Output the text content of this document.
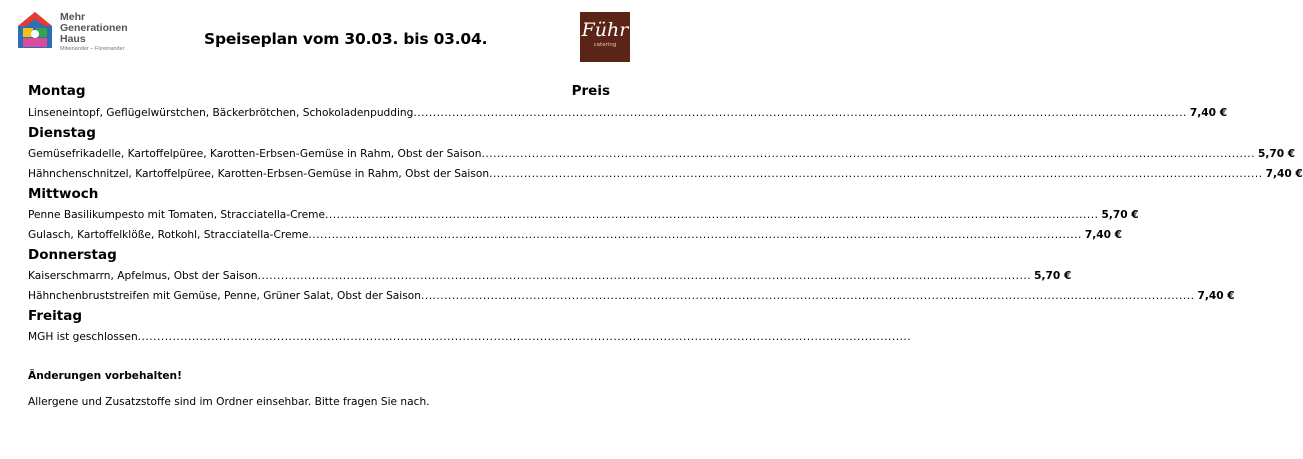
Mehr
Generationen
Haus
Miteinander – Füreinander
Speiseplan vom 30.03. bis 03.04.	Führ
catering
Montag	Preis
Linseneintopf, Geflügelwürstchen, Bäckerbrötchen, Schokoladenpudding ........................................................................................................................................................................................................ 7,40 €
Dienstag
Gemüsefrikadelle, Kartoffelpüree, Karotten-Erbsen-Gemüse in Rahm, Obst der Saison ........................................................................................................................................................................................................ 5,70 €
Hähnchenschnitzel, Kartoffelpüree, Karotten-Erbsen-Gemüse in Rahm, Obst der Saison ........................................................................................................................................................................................................ 7,40 €
Mittwoch
Penne Basilikumpesto mit Tomaten, Stracciatella-Creme ........................................................................................................................................................................................................ 5,70 €
Gulasch, Kartoffelklöße, Rotkohl, Stracciatella-Creme ........................................................................................................................................................................................................ 7,40 €
Donnerstag
Kaiserschmarrn, Apfelmus, Obst der Saison ........................................................................................................................................................................................................ 5,70 €
Hähnchenbruststreifen mit Gemüse, Penne, Grüner Salat, Obst der Saison ........................................................................................................................................................................................................ 7,40 €
Freitag
MGH ist geschlossen ........................................................................................................................................................................................................
Änderungen vorbehalten!
Allergene und Zusatzstoffe sind im Ordner einsehbar. Bitte fragen Sie nach.
